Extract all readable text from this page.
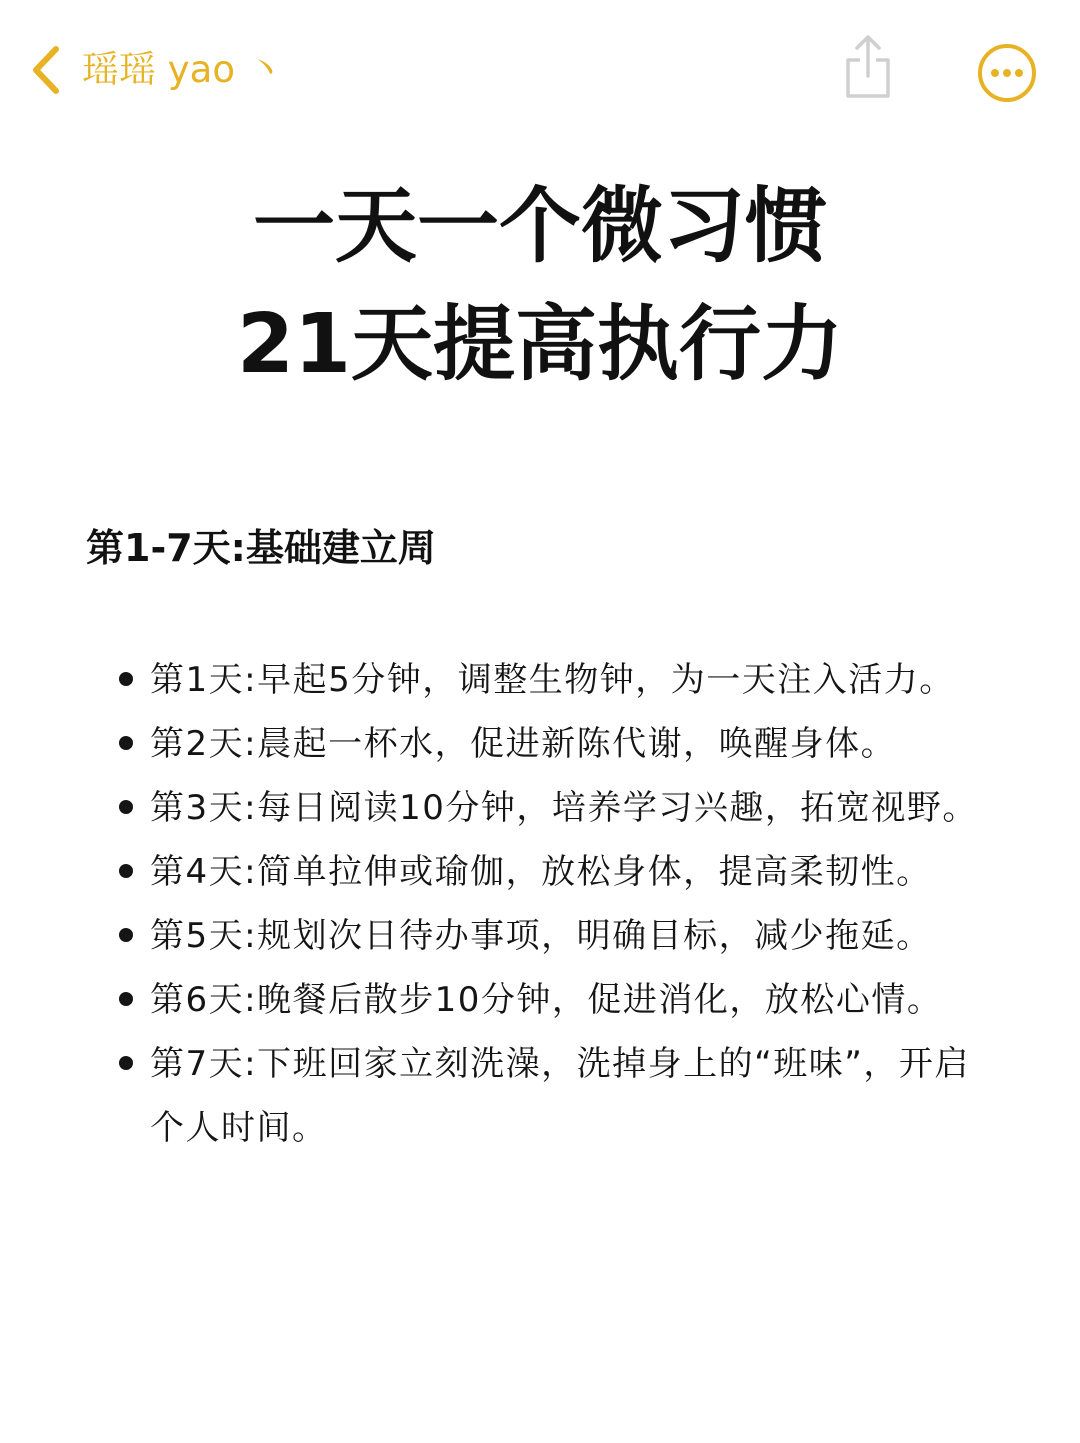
瑶瑶 yao 丶
一天一个微习惯
21天提高执行力
第1-7天:基础建立周
第1天:早起5分钟，调整生物钟，为一天注入活力。
第2天:晨起一杯水，促进新陈代谢，唤醒身体。
第3天:每日阅读10分钟，培养学习兴趣，拓宽视野。
第4天:简单拉伸或瑜伽，放松身体，提高柔韧性。
第5天:规划次日待办事项，明确目标，减少拖延。
第6天:晚餐后散步10分钟，促进消化，放松心情。
第7天:下班回家立刻洗澡，洗掉身上的“班味”，开启个人时间。
